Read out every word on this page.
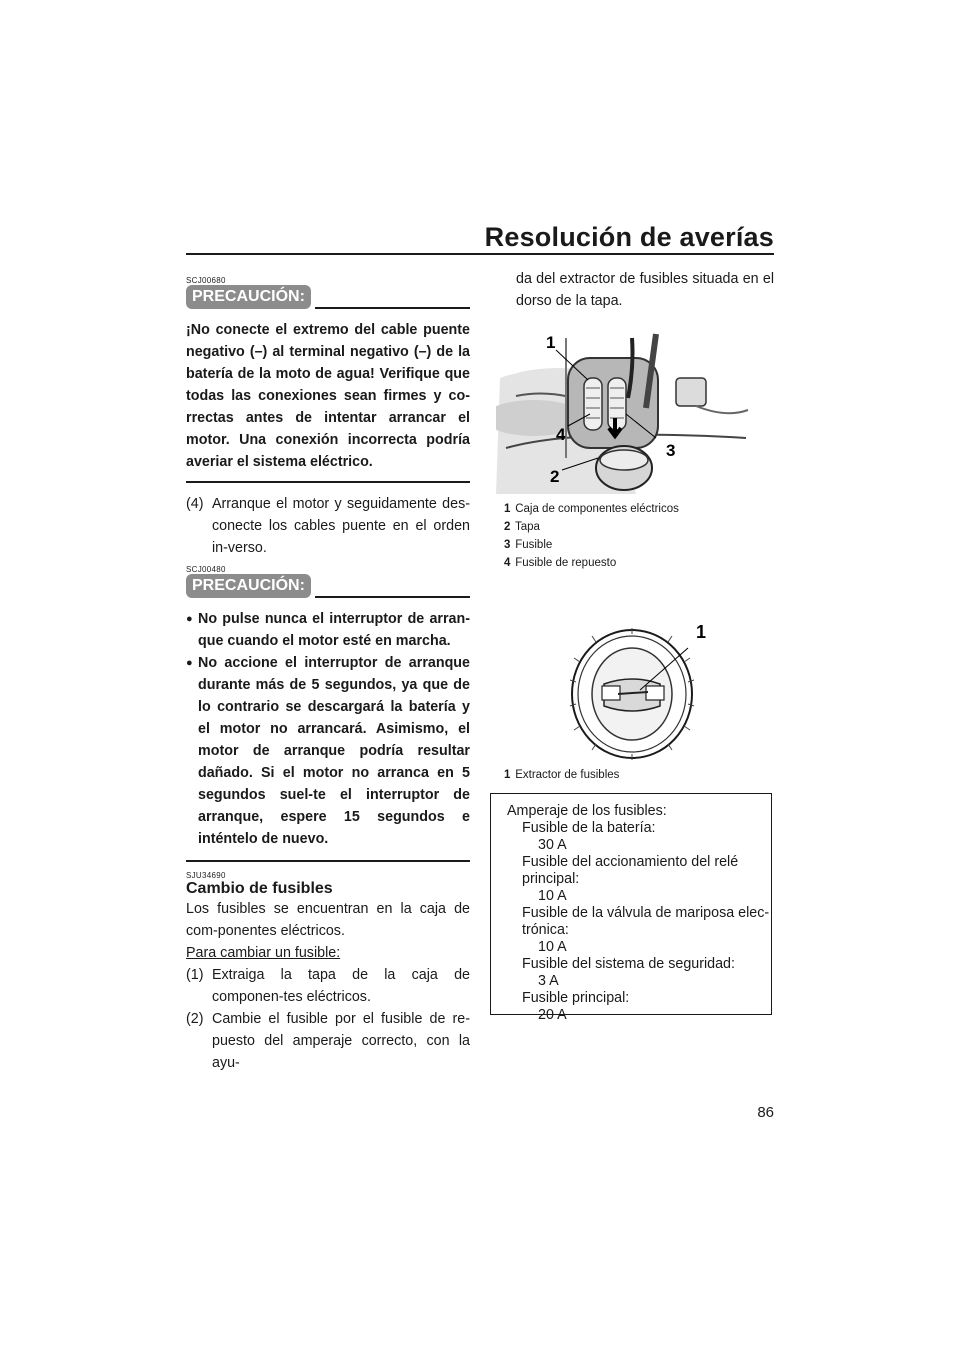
Resolución de averías
SCJ00680
PRECAUCIÓN:
¡No conecte el extremo del cable puente negativo (–) al terminal negativo (–) de la batería de la moto de agua! Verifique que todas las conexiones sean firmes y co-rrectas antes de intentar arrancar el motor. Una conexión incorrecta podría averiar el sistema eléctrico.
(4) Arranque el motor y seguidamente des-conecte los cables puente en el orden in-verso.
SCJ00480
PRECAUCIÓN:
● No pulse nunca el interruptor de arran-que cuando el motor esté en marcha.
● No accione el interruptor de arranque durante más de 5 segundos, ya que de lo contrario se descargará la batería y el motor no arrancará. Asimismo, el motor de arranque podría resultar dañado. Si el motor no arranca en 5 segundos suel-te el interruptor de arranque, espere 15 segundos e inténtelo de nuevo.
SJU34690
Cambio de fusibles
Los fusibles se encuentran en la caja de com-ponentes eléctricos.
Para cambiar un fusible:
(1) Extraiga la tapa de la caja de componen-tes eléctricos.
(2) Cambie el fusible por el fusible de re-puesto del amperaje correcto, con la ayu-
da del extractor de fusibles situada en el dorso de la tapa.
1
2
3
4
1 Caja de componentes eléctricos
2 Tapa
3 Fusible
4 Fusible de repuesto
1
1 Extractor de fusibles
Amperaje de los fusibles:
Fusible de la batería:
30 A
Fusible del accionamiento del relé
principal:
10 A
Fusible de la válvula de mariposa elec-
trónica:
10 A
Fusible del sistema de seguridad:
3 A
Fusible principal:
20 A
86
